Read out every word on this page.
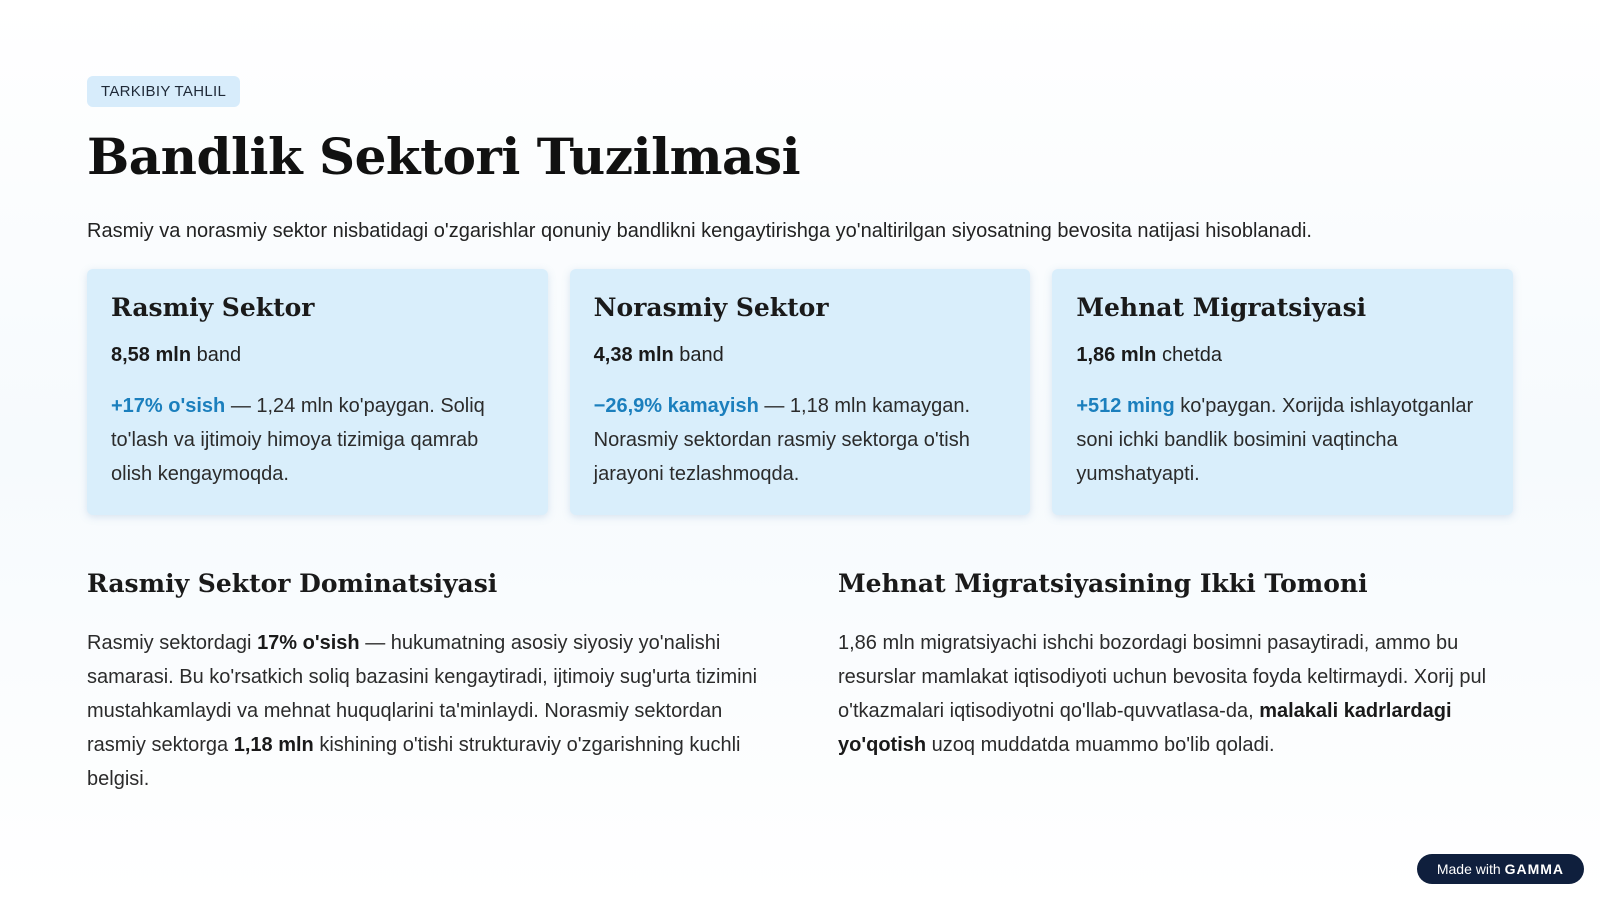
TARKIBIY TAHLIL
Bandlik Sektori Tuzilmasi

Rasmiy va norasmiy sektor nisbatidagi o'zgarishlar qonuniy bandlikni kengaytirishga yo'naltirilgan siyosatning bevosita natijasi hisoblanadi.

Rasmiy Sektor
8,58 mln band
+17% o'sish — 1,24 mln ko'paygan. Soliq to'lash va ijtimoiy himoya tizimiga qamrab olish kengaymoqda.
Norasmiy Sektor
4,38 mln band
−26,9% kamayish — 1,18 mln kamaygan. Norasmiy sektordan rasmiy sektorga o'tish jarayoni tezlashmoqda.
Mehnat Migratsiyasi
1,86 mln chetda
+512 ming ko'paygan. Xorijda ishlayotganlar soni ichki bandlik bosimini vaqtincha yumshatyapti.
Rasmiy Sektor Dominatsiyasi

Rasmiy sektordagi 17% o'sish — hukumatning asosiy siyosiy yo'nalishi samarasi. Bu ko'rsatkich soliq bazasini kengaytiradi, ijtimoiy sug'urta tizimini mustahkamlaydi va mehnat huquqlarini ta'minlaydi. Norasmiy sektordan rasmiy sektorga 1,18 mln kishining o'tishi strukturaviy o'zgarishning kuchli belgisi.

Mehnat Migratsiyasining Ikki Tomoni

1,86 mln migratsiyachi ishchi bozordagi bosimni pasaytiradi, ammo bu resurslar mamlakat iqtisodiyoti uchun bevosita foyda keltirmaydi. Xorij pul o'tkazmalari iqtisodiyotni qo'llab-quvvatlasa-da, malakali kadrlardagi yo'qotish uzoq muddatda muammo bo'lib qoladi.

Made with GAMMA
